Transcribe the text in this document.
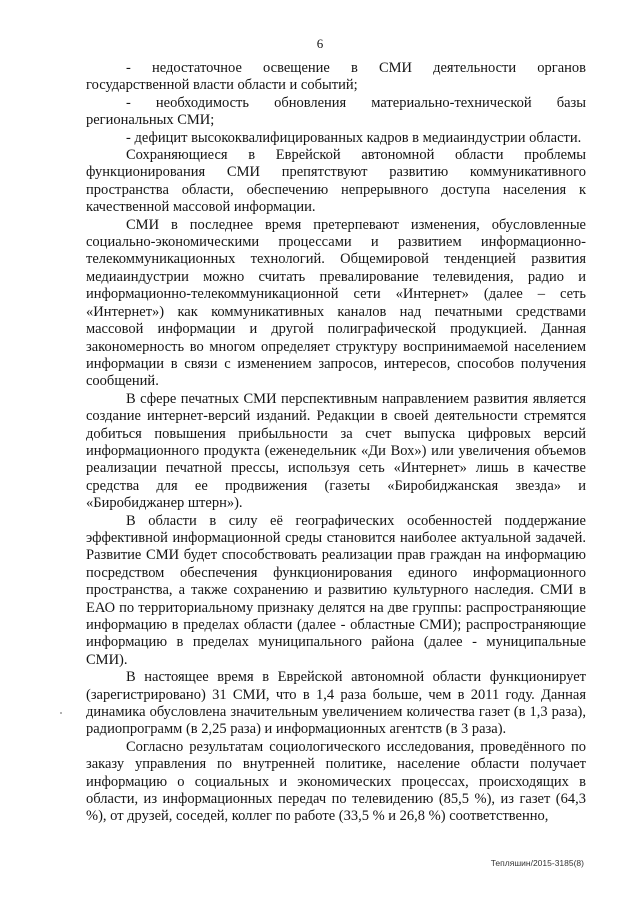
6

- недостаточное освещение в СМИ деятельности органов государственной власти области и событий;

- необходимость обновления материально-технической базы региональных СМИ;

- дефицит высококвалифицированных кадров в медиаиндустрии области.

Сохраняющиеся в Еврейской автономной области проблемы функционирования СМИ препятствуют развитию коммуникативного пространства области, обеспечению непрерывного доступа населения к качественной массовой информации.

СМИ в последнее время претерпевают изменения, обусловленные социально-экономическими процессами и развитием информационно-телекоммуникационных технологий. Общемировой тенденцией развития медиаиндустрии можно считать превалирование телевидения, радио и информационно-телекоммуникационной сети «Интернет» (далее – сеть «Интернет») как коммуникативных каналов над печатными средствами массовой информации и другой полиграфической продукцией. Данная закономерность во многом определяет структуру воспринимаемой населением информации в связи с изменением запросов, интересов, способов получения сообщений.

В сфере печатных СМИ перспективным направлением развития является создание интернет-версий изданий. Редакции в своей деятельности стремятся добиться повышения прибыльности за счет выпуска цифровых версий информационного продукта (еженедельник «Ди Вох») или увеличения объемов реализации печатной прессы, используя сеть «Интернет» лишь в качестве средства для ее продвижения (газеты «Биробиджанская звезда» и «Биробиджанер штерн»).

В области в силу её географических особенностей поддержание эффективной информационной среды становится наиболее актуальной задачей. Развитие СМИ будет способствовать реализации прав граждан на информацию посредством обеспечения функционирования единого информационного пространства, а также сохранению и развитию культурного наследия. СМИ в ЕАО по территориальному признаку делятся на две группы: распространяющие информацию в пределах области (далее - областные СМИ); распространяющие информацию в пределах муниципального района (далее - муниципальные СМИ).

В настоящее время в Еврейской автономной области функционирует (зарегистрировано) 31 СМИ, что в 1,4 раза больше, чем в 2011 году. Данная динамика обусловлена значительным увеличением количества газет (в 1,3 раза), радиопрограмм (в 2,25 раза) и информационных агентств (в 3 раза).

Согласно результатам социологического исследования, проведённого по заказу управления по внутренней политике, население области получает информацию о социальных и экономических процессах, происходящих в области, из информационных передач по телевидению (85,5 %), из газет (64,3 %), от друзей, соседей, коллег по работе (33,5 % и 26,8 %) соответственно,

Тепляшин/2015-3185(8)
